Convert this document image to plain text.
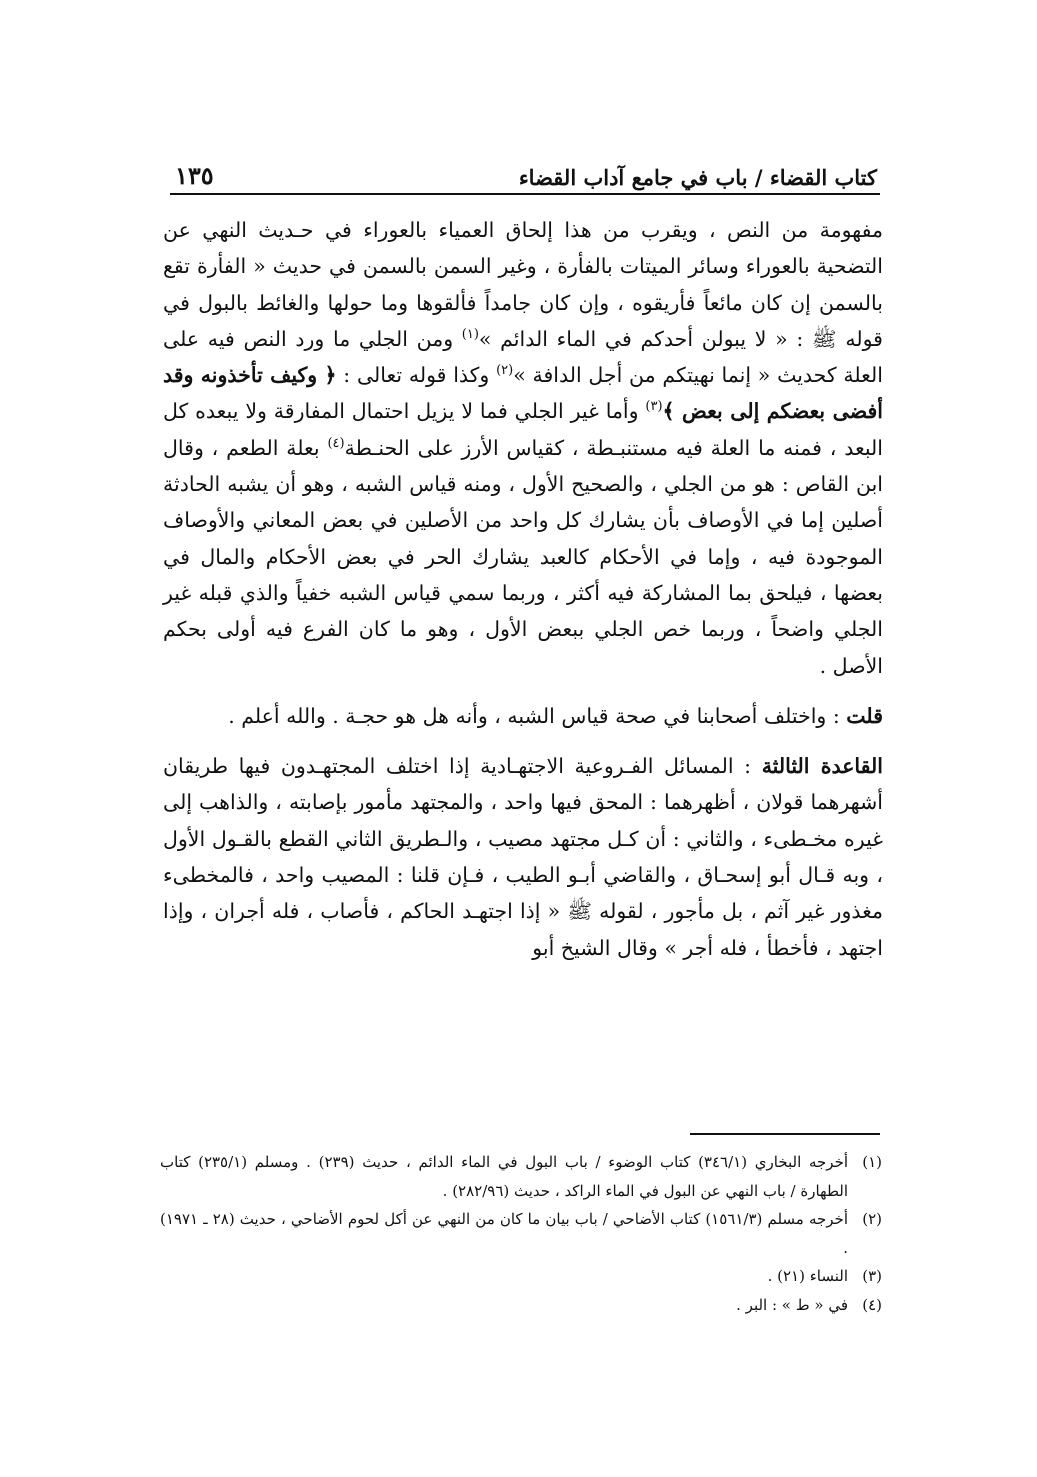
كتاب القضاء / باب في جامع آداب القضاء
١٣٥

مفهومة من النص ، ويقرب من هذا إلحاق العمياء بالعوراء في حـديث النهي عن التضحية بالعوراء وسائر الميتات بالفأرة ، وغير السمن بالسمن في حديث « الفأرة تقع بالسمن إن كان مائعاً فأريقوه ، وإن كان جامداً فألقوها وما حولها والغائط بالبول في قوله ﷺ : « لا يبولن أحدكم في الماء الدائم »$^{(١)}$ ومن الجلي ما ورد النص فيه على العلة كحديث « إنما نهيتكم من أجل الدافة »$^{(٢)}$ وكذا قوله تعالى : ﴿ وكيف تأخذونه وقد أفضى بعضكم إلى بعض ﴾$^{(٣)}$ وأما غير الجلي فما لا يزيل احتمال المفارقة ولا يبعده كل البعد ، فمنه ما العلة فيه مستنبـطة ، كقياس الأرز على الحنـطة$^{(٤)}$ بعلة الطعم ، وقال ابن القاص : هو من الجلي ، والصحيح الأول ، ومنه قياس الشبه ، وهو أن يشبه الحادثة أصلين إما في الأوصاف بأن يشارك كل واحد من الأصلين في بعض المعاني والأوصاف الموجودة فيه ، وإما في الأحكام كالعبد يشارك الحر في بعض الأحكام والمال في بعضها ، فيلحق بما المشاركة فيه أكثر ، وربما سمي قياس الشبه خفياً والذي قبله غير الجلي واضحاً ، وربما خص الجلي ببعض الأول ، وهو ما كان الفرع فيه أولى بحكم الأصل .

قلت : واختلف أصحابنا في صحة قياس الشبه ، وأنه هل هو حجـة . والله أعلم .

القاعدة الثالثة : المسائل الفـروعية الاجتهـادية إذا اختلف المجتهـدون فيها طريقان أشهرهما قولان ، أظهرهما : المحق فيها واحد ، والمجتهد مأمور بإصابته ، والذاهب إلى غيره مخـطىء ، والثاني : أن كـل مجتهد مصيب ، والـطريق الثاني القطع بالقـول الأول ، وبه قـال أبو إسحـاق ، والقاضي أبـو الطيب ، فـإن قلنا : المصيب واحد ، فالمخطىء مغذور غير آثم ، بل مأجور ، لقوله ﷺ « إذا اجتهـد الحاكم ، فأصاب ، فله أجران ، وإذا اجتهد ، فأخطأ ، فله أجر » وقال الشيخ أبو

(١)
أخرجه البخاري (٣٤٦/١) كتاب الوضوء / باب البول في الماء الدائم ، حديث (٢٣٩) . ومسلم (٢٣٥/١) كتاب الطهارة / باب النهي عن البول في الماء الراكد ، حديث (٢٨٢/٩٦) .
(٢)
أخرجه مسلم (١٥٦١/٣) كتاب الأضاحي / باب بيان ما كان من النهي عن أكل لحوم الأضاحي ، حديث (٢٨ ـ ١٩٧١) .
(٣)
النساء (٢١) .
(٤)
في « ط » : البر .
